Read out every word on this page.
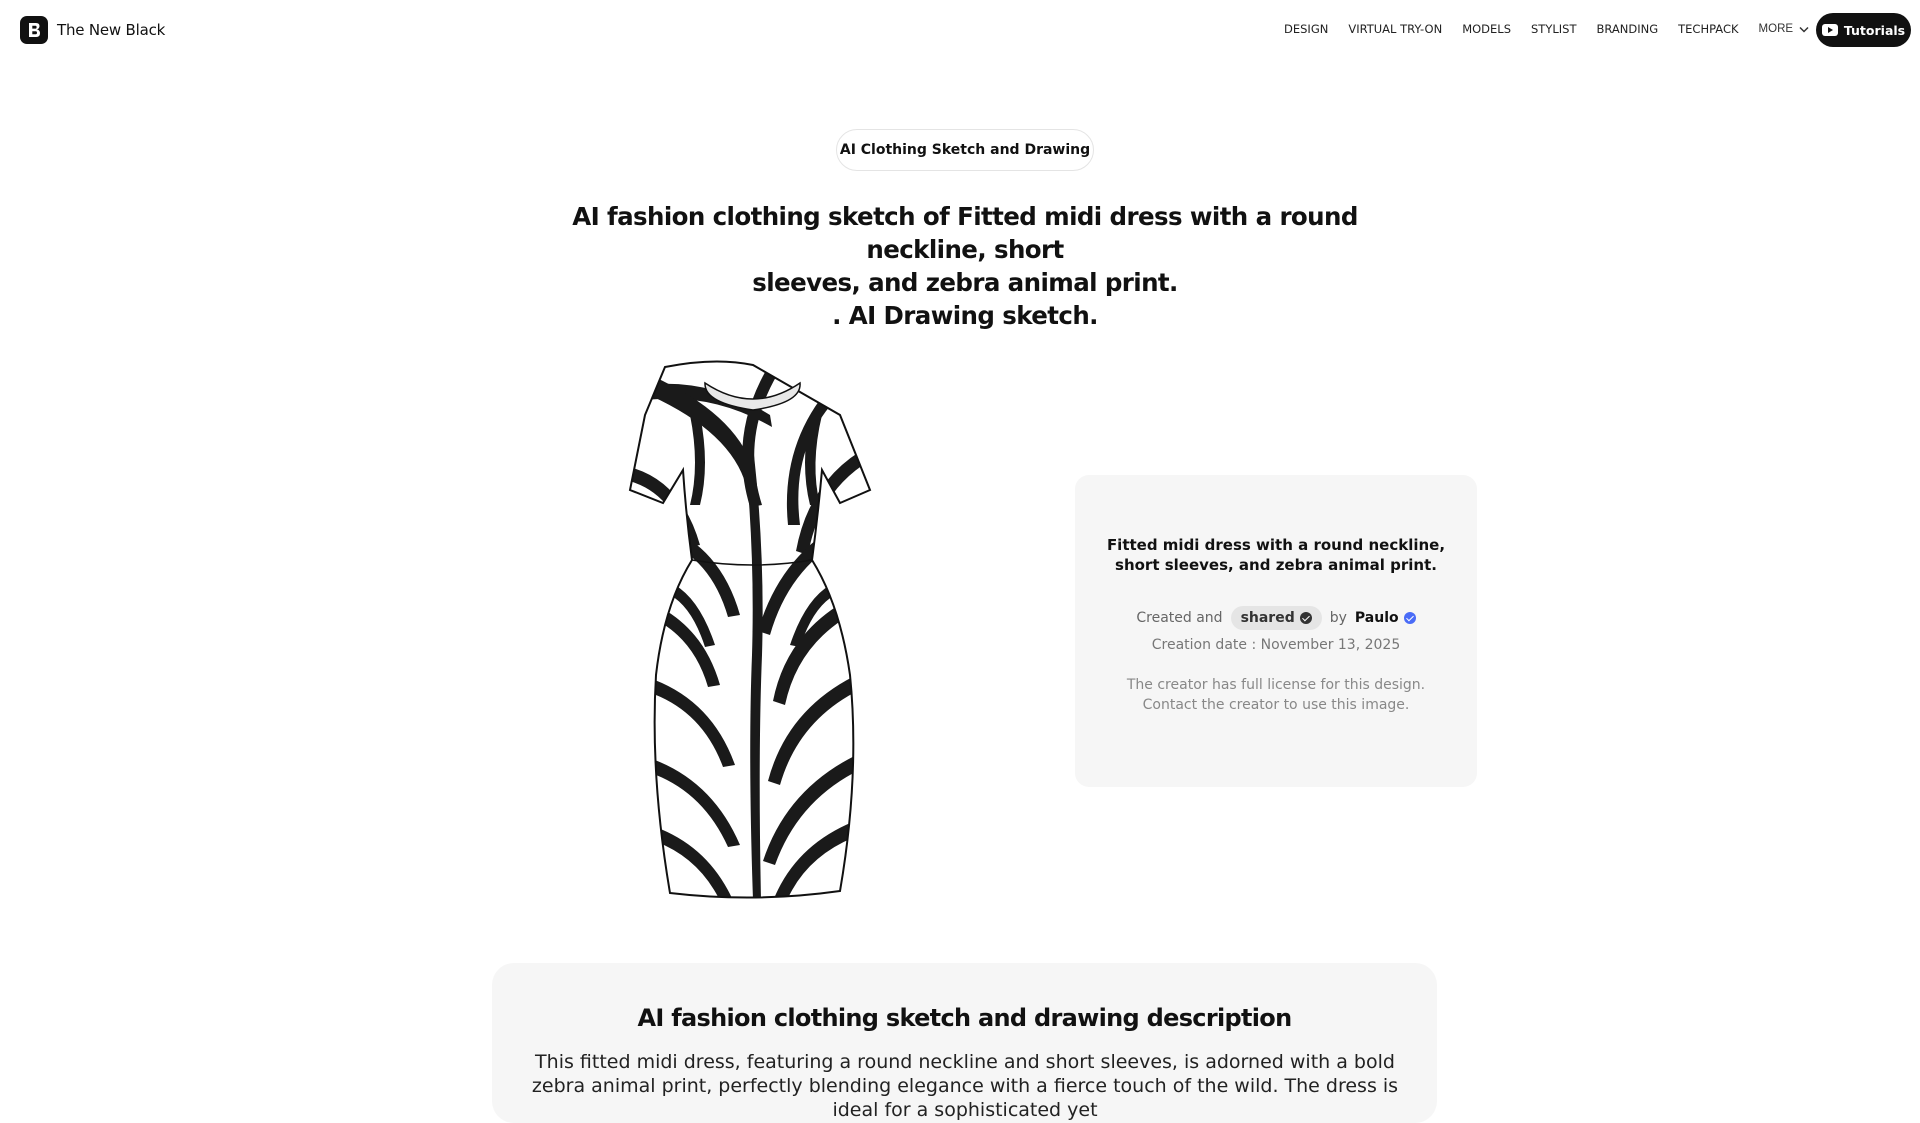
The New Black	DESIGN VIRTUAL TRY-ON MODELS STYLIST BRANDING TECHPACK MORE	Tutorials
AI Clothing Sketch and Drawing
AI fashion clothing sketch of Fitted midi dress with a round neckline, short
sleeves, and zebra animal print.
. AI Drawing sketch.
Fitted midi dress with a round neckline, short sleeves, and zebra animal print.
Created and shared	by Paulo
Creation date : November 13, 2025
The creator has full license for this design. Contact the creator to use this image.
AI fashion clothing sketch and drawing description

This fitted midi dress, featuring a round neckline and short sleeves, is adorned with a bold zebra animal print, perfectly blending elegance with a fierce touch of the wild. The dress is ideal for a sophisticated yet
